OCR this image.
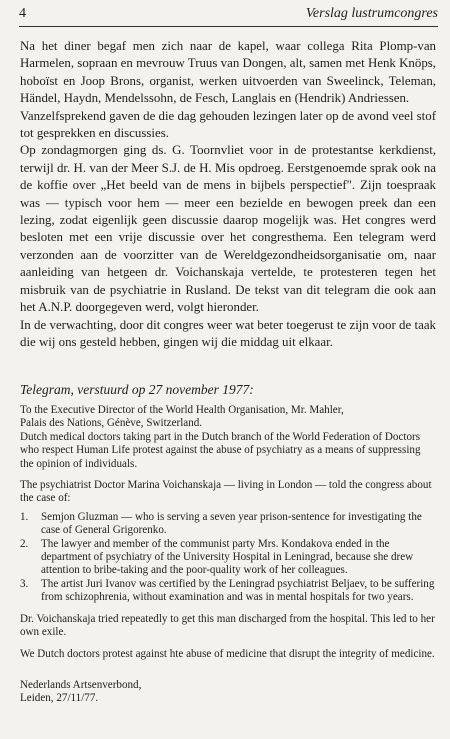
4	Verslag lustrumcongres

Na het diner begaf men zich naar de kapel, waar collega Rita Plomp-van Harmelen, sopraan en mevrouw Truus van Dongen, alt, samen met Henk Knöps, hoboïst en Joop Brons, organist, werken uitvoerden van Sweelinck, Teleman, Händel, Haydn, Mendelssohn, de Fesch, Langlais en (Hendrik) Andriessen.

Vanzelfsprekend gaven de die dag gehouden lezingen later op de avond veel stof tot gesprekken en discussies.

Op zondagmorgen ging ds. G. Toornvliet voor in de protestantse kerkdienst, terwijl dr. H. van der Meer S.J. de H. Mis opdroeg. Eerstgenoemde sprak ook na de koffie over „Het beeld van de mens in bijbels perspectief". Zijn toespraak was — typisch voor hem — meer een bezielde en bewogen preek dan een lezing, zodat eigenlijk geen discussie daarop mogelijk was. Het congres werd besloten met een vrije discussie over het congresthema. Een telegram werd verzonden aan de voorzitter van de Wereldgezondheidsorganisatie om, naar aanleiding van hetgeen dr. Voichanskaja vertelde, te protesteren tegen het misbruik van de psychiatrie in Rusland. De tekst van dit telegram die ook aan het A.N.P. doorgegeven werd, volgt hieronder.

In de verwachting, door dit congres weer wat beter toegerust te zijn voor de taak die wij ons gesteld hebben, gingen wij die middag uit elkaar.

Telegram, verstuurd op 27 november 1977:

To the Executive Director of the World Health Organisation, Mr. Mahler,

Palais des Nations, Génève, Switzerland.

Dutch medical doctors taking part in the Dutch branch of the World Federation of Doctors who respect Human Life protest against the abuse of psychiatry as a means of suppressing the opinion of individuals.

The psychiatrist Doctor Marina Voichanskaja — living in London — told the congress about the case of:

1. Semjon Gluzman — who is serving a seven year prison-sentence for investigating the case of General Grigorenko.
2. The lawyer and member of the communist party Mrs. Kondakova ended in the department of psychiatry of the University Hospital in Leningrad, because she drew attention to bribe-taking and the poor-quality work of her colleagues.
3. The artist Juri Ivanov was certified by the Leningrad psychiatrist Beljaev, to be suffering from schizophrenia, without examination and was in mental hospitals for two years.

Dr. Voichanskaja tried repeatedly to get this man discharged from the hospital. This led to her own exile.

We Dutch doctors protest against hte abuse of medicine that disrupt the integrity of medicine.

Nederlands Artsenverbond,

Leiden, 27/11/77.
